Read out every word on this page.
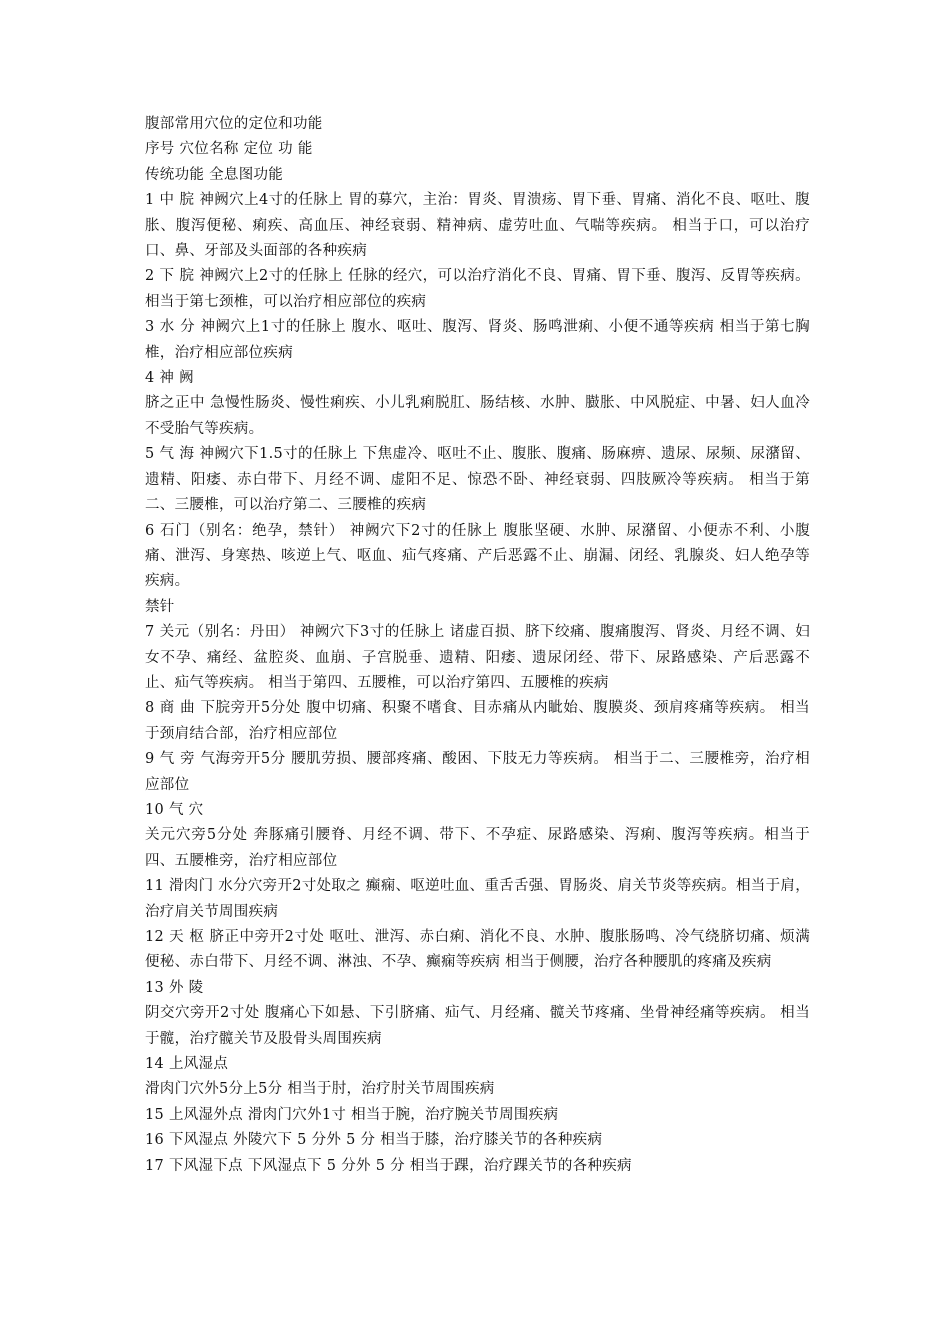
腹部常用穴位的定位和功能
序号 穴位名称 定位 功 能
传统功能 全息图功能
1 中 脘 神阙穴上4寸的任脉上 胃的募穴，主治：胃炎、胃溃疡、胃下垂、胃痛、消化不良、呕吐、腹胀、腹泻便秘、痢疾、高血压、神经衰弱、精神病、虚劳吐血、气喘等疾病。 相当于口，可以治疗口、鼻、牙部及头面部的各种疾病
2 下 脘 神阙穴上2寸的任脉上 任脉的经穴，可以治疗消化不良、胃痛、胃下垂、腹泻、反胃等疾病。 相当于第七颈椎，可以治疗相应部位的疾病
3 水 分 神阙穴上1寸的任脉上 腹水、呕吐、腹泻、肾炎、肠鸣泄痢、小便不通等疾病 相当于第七胸椎，治疗相应部位疾病
4 神 阙
脐之正中 急慢性肠炎、慢性痢疾、小儿乳痢脱肛、肠结核、水肿、臌胀、中风脱症、中暑、妇人血冷不受胎气等疾病。
5 气 海 神阙穴下1.5寸的任脉上 下焦虚冷、呕吐不止、腹胀、腹痛、肠麻痹、遗尿、尿频、尿潴留、遗精、阳痿、赤白带下、月经不调、虚阳不足、惊恐不卧、神经衰弱、四肢厥冷等疾病。 相当于第二、三腰椎，可以治疗第二、三腰椎的疾病
6 石门（别名：绝孕，禁针） 神阙穴下2寸的任脉上 腹胀坚硬、水肿、尿潴留、小便赤不利、小腹痛、泄泻、身寒热、咳逆上气、呕血、疝气疼痛、产后恶露不止、崩漏、闭经、乳腺炎、妇人绝孕等疾病。
禁针
7 关元（别名：丹田） 神阙穴下3寸的任脉上 诸虚百损、脐下绞痛、腹痛腹泻、肾炎、月经不调、妇女不孕、痛经、盆腔炎、血崩、子宫脱垂、遗精、阳痿、遗尿闭经、带下、尿路感染、产后恶露不止、疝气等疾病。 相当于第四、五腰椎，可以治疗第四、五腰椎的疾病
8 商 曲 下脘旁开5分处 腹中切痛、积聚不嗜食、目赤痛从内眦始、腹膜炎、颈肩疼痛等疾病。 相当于颈肩结合部，治疗相应部位
9 气 旁 气海旁开5分 腰肌劳损、腰部疼痛、酸困、下肢无力等疾病。 相当于二、三腰椎旁，治疗相应部位
10 气 穴
关元穴旁5分处 奔豚痛引腰脊、月经不调、带下、不孕症、尿路感染、泻痢、腹泻等疾病。相当于四、五腰椎旁，治疗相应部位
11 滑肉门 水分穴旁开2寸处取之 癫痫、呕逆吐血、重舌舌强、胃肠炎、肩关节炎等疾病。相当于肩，治疗肩关节周围疾病
12 天 枢 脐正中旁开2寸处 呕吐、泄泻、赤白痢、消化不良、水肿、腹胀肠鸣、冷气绕脐切痛、烦满便秘、赤白带下、月经不调、淋浊、不孕、癫痫等疾病 相当于侧腰，治疗各种腰肌的疼痛及疾病
13 外 陵
阴交穴旁开2寸处 腹痛心下如悬、下引脐痛、疝气、月经痛、髋关节疼痛、坐骨神经痛等疾病。 相当于髋，治疗髋关节及股骨头周围疾病
14 上风湿点
滑肉门穴外5分上5分 相当于肘，治疗肘关节周围疾病
15 上风湿外点 滑肉门穴外1寸 相当于腕，治疗腕关节周围疾病
16 下风湿点 外陵穴下 5 分外 5 分 相当于膝，治疗膝关节的各种疾病
17 下风湿下点 下风湿点下 5 分外 5 分 相当于踝，治疗踝关节的各种疾病
